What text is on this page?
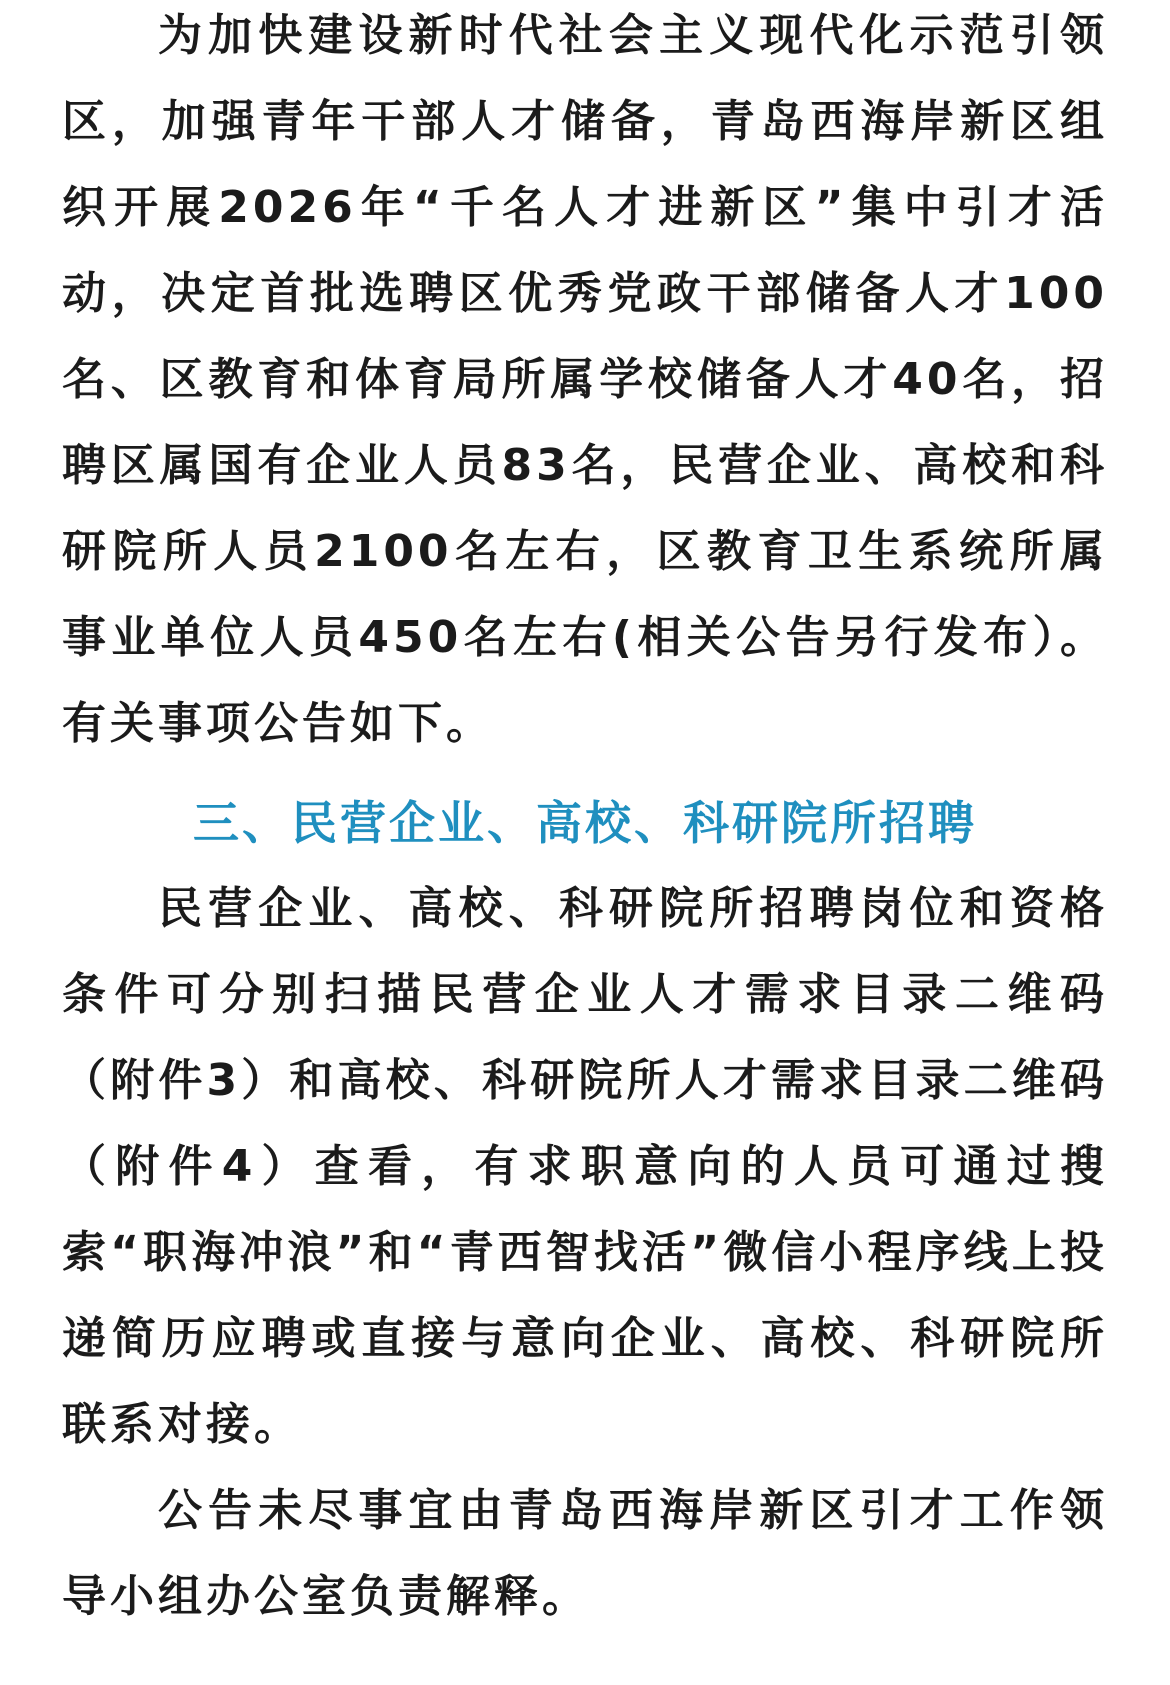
为加快建设新时代社会主义现代化示范引领区，加强青年干部人才储备，青岛西海岸新区组织开展2026年“千名人才进新区”集中引才活动，决定首批选聘区优秀党政干部储备人才100名、区教育和体育局所属学校储备人才40名，招聘区属国有企业人员83名，民营企业、高校和科研院所人员2100名左右，区教育卫生系统所属事业单位人员450名左右(相关公告另行发布）。有关事项公告如下。

三、民营企业、高校、科研院所招聘

民营企业、高校、科研院所招聘岗位和资格条件可分别扫描民营企业人才需求目录二维码（附件3）和高校、科研院所人才需求目录二维码（附件4）查看，有求职意向的人员可通过搜索“职海冲浪”和“青西智找活”微信小程序线上投递简历应聘或直接与意向企业、高校、科研院所联系对接。

公告未尽事宜由青岛西海岸新区引才工作领导小组办公室负责解释。
